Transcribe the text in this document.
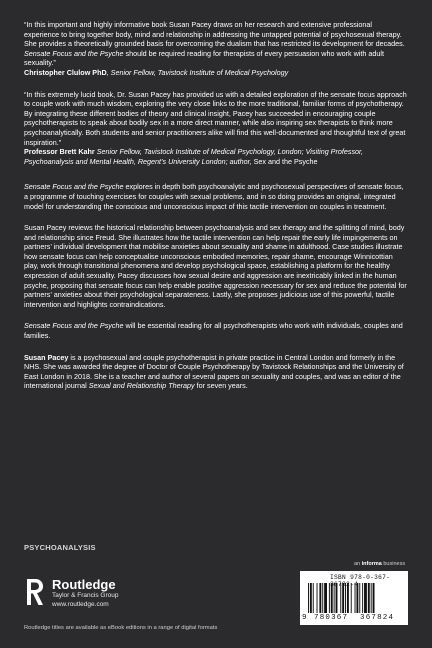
“In this important and highly informative book Susan Pacey draws on her research and extensive professional experience to bring together body, mind and relationship in addressing the untapped potential of psychosexual therapy. She provides a theoretically grounded basis for overcoming the dualism that has restricted its development for decades. Sensate Focus and the Psyche should be required reading for therapists of every persuasion who work with adult sexuality.”

Christopher Clulow PhD, Senior Fellow, Tavistock Institute of Medical Psychology

“In this extremely lucid book, Dr. Susan Pacey has provided us with a detailed exploration of the sensate focus approach to couple work with much wisdom, exploring the very close links to the more traditional, familiar forms of psychotherapy. By integrating these different bodies of theory and clinical insight, Pacey has succeeded in encouraging couple psychotherapists to speak about bodily sex in a more direct manner, while also inspiring sex therapists to think more psychoanalytically. Both students and senior practitioners alike will find this well-documented and thoughtful text of great inspiration.”

Professor Brett Kahr Senior Fellow, Tavistock Institute of Medical Psychology, London; Visiting Professor, Psychoanalysis and Mental Health, Regent’s University London; author, Sex and the Psyche

Sensate Focus and the Psyche explores in depth both psychoanalytic and psychosexual perspectives of sensate focus, a programme of touching exercises for couples with sexual problems, and in so doing provides an original, integrated model for understanding the conscious and unconscious impact of this tactile intervention on couples in treatment.

Susan Pacey reviews the historical relationship between psychoanalysis and sex therapy and the splitting of mind, body and relationship since Freud. She illustrates how the tactile intervention can help repair the early life impingements on partners’ individual development that mobilise anxieties about sexuality and shame in adulthood. Case studies illustrate how sensate focus can help conceptualise unconscious embodied memories, repair shame, encourage Winnicottian play, work through transitional phenomena and develop psychological space, establishing a platform for the healthy expression of adult sexuality. Pacey discusses how sexual desire and aggression are inextricably linked in the human psyche, proposing that sensate focus can help enable positive aggression necessary for sex and reduce the potential for partners’ anxieties about their psychological separateness. Lastly, she proposes judicious use of this powerful, tactile intervention and highlights contraindications.

Sensate Focus and the Psyche will be essential reading for all psychotherapists who work with individuals, couples and families.

Susan Pacey is a psychosexual and couple psychotherapist in private practice in Central London and formerly in the NHS. She was awarded the degree of Doctor of Couple Psychotherapy by Tavistock Relationships and the University of East London in 2018. She is a teacher and author of several papers on sexuality and couples, and was an editor of the international journal Sexual and Relationship Therapy for seven years.

PSYCHOANALYSIS
an informa business
Routledge
Taylor & Francis Group
www.routledge.com
ISBN 978-0-367- 782-4
9 780367 367824
Routledge titles are available as eBook editions in a range of digital formats
